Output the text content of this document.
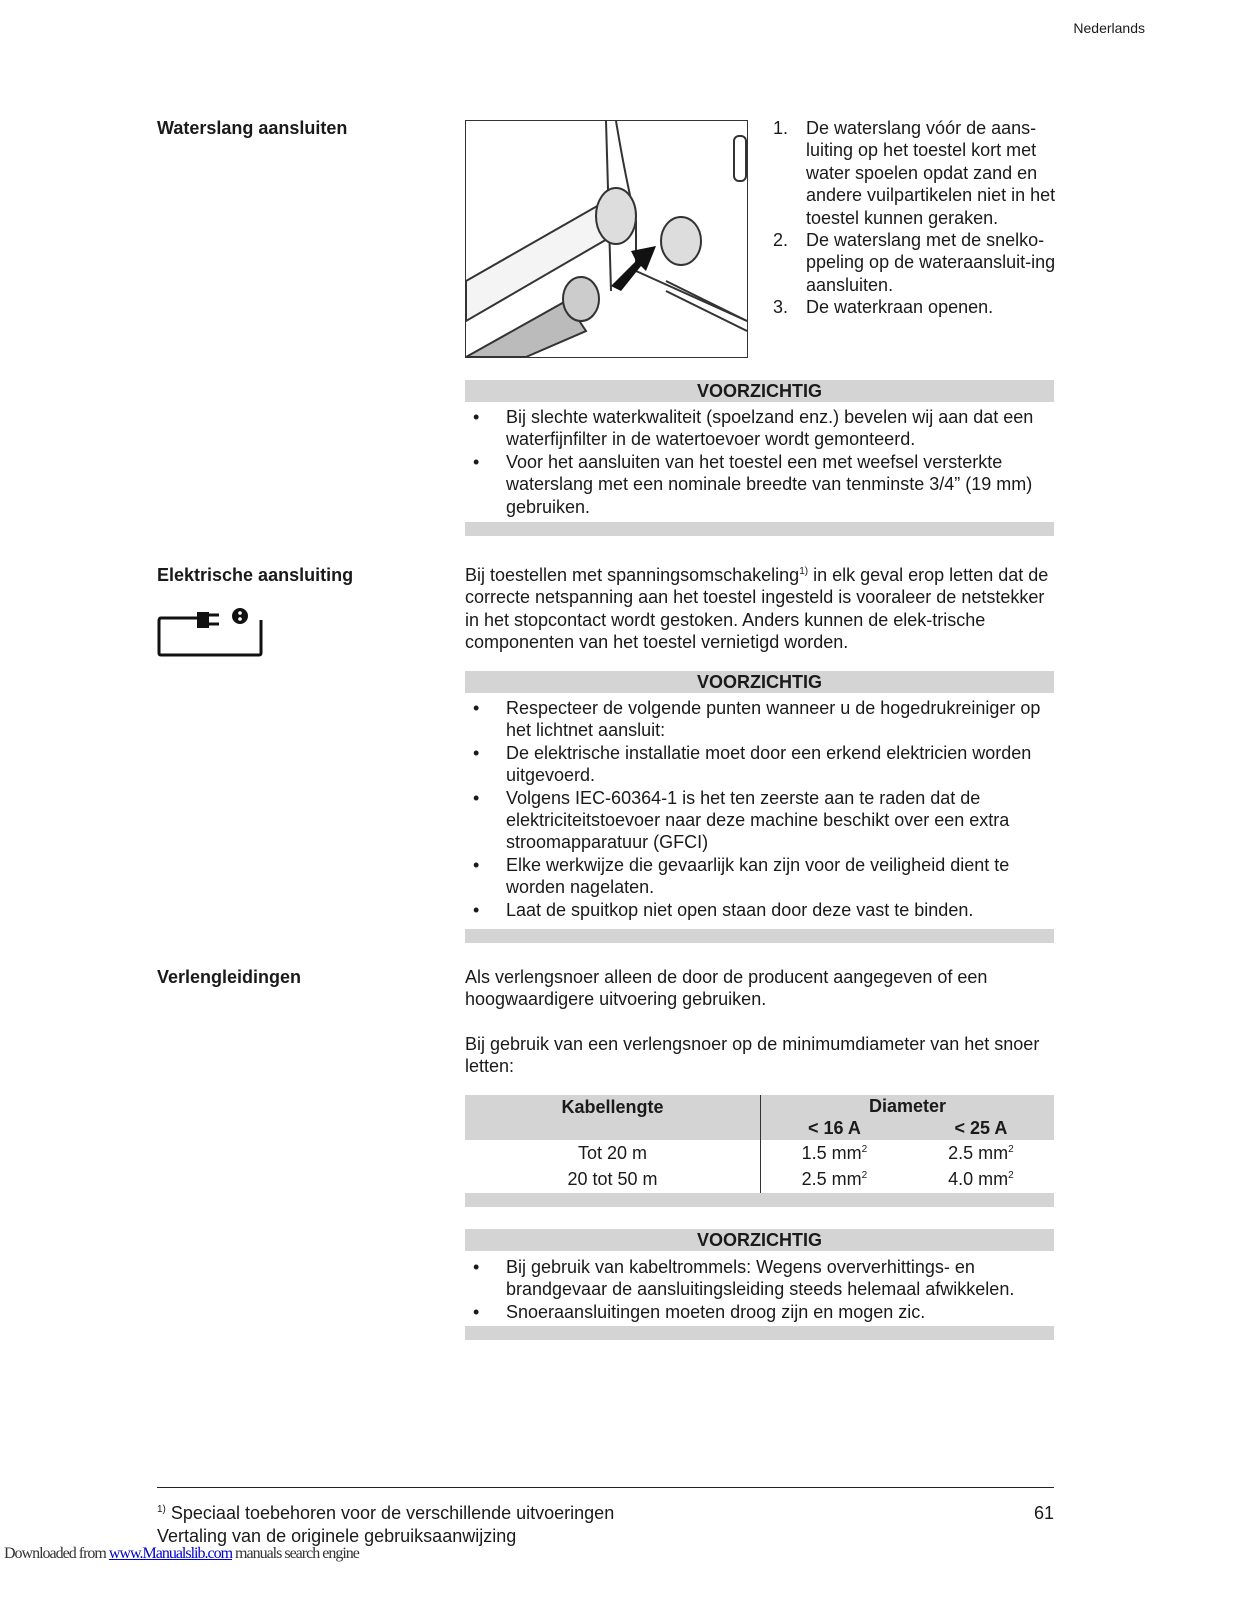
Nederlands
Waterslang aansluiten	1. De waterslang vóór de aans-luiting op het toestel kort met water spoelen opdat zand en andere vuilpartikelen niet in het toestel kunnen geraken.
2. De waterslang met de snelko-ppeling op de wateraansluit-ing aansluiten.
3. De waterkraan openen.
VOORZICHTIG
• Bij slechte waterkwaliteit (spoelzand enz.) bevelen wij aan dat een waterfijnfilter in de watertoevoer wordt gemonteerd.
• Voor het aansluiten van het toestel een met weefsel versterkte waterslang met een nominale breedte van tenminste 3/4” (19 mm) gebruiken.
Elektrische aansluiting	Bij toestellen met spanningsomschakeling$^{1)}$ in elk geval erop letten dat de correcte netspanning aan het toestel ingesteld is vooraleer de netstekker in het stopcontact wordt gestoken. Anders kunnen de elek-trische componenten van het toestel vernietigd worden.
VOORZICHTIG
• Respecteer de volgende punten wanneer u de hogedrukreiniger op het lichtnet aansluit:
• De elektrische installatie moet door een erkend elektricien worden uitgevoerd.
• Volgens IEC-60364-1 is het ten zeerste aan te raden dat de elektriciteitstoevoer naar deze machine beschikt over een extra stroomapparatuur (GFCI)
• Elke werkwijze die gevaarlijk kan zijn voor de veiligheid dient te worden nagelaten.
• Laat de spuitkop niet open staan door deze vast te binden.
Verlengleidingen	Als verlengsnoer alleen de door de producent aangegeven of een hoogwaardigere uitvoering gebruiken.
Bij gebruik van een verlengsnoer op de minimumdiameter van het snoer letten:
Kabellengte	Diameter	
	< 16 A	< 25 A
Tot 20 m	1.5 $mm^2$	2.5 $mm^2$
20 tot 50 m	2.5 $mm^2$	4.0 $mm^2$
VOORZICHTIG
• Bij gebruik van kabeltrommels: Wegens oververhittings- en brandgevaar de aansluitingsleiding steeds helemaal afwikkelen.
• Snoeraansluitingen moeten droog zijn en mogen zic.
$^{1)}$ Speciaal toebehoren voor de verschillende uitvoeringen	61
Vertaling van de originele gebruiksaanwijzing
Downloaded from www.Manualslib.com manuals search engine
